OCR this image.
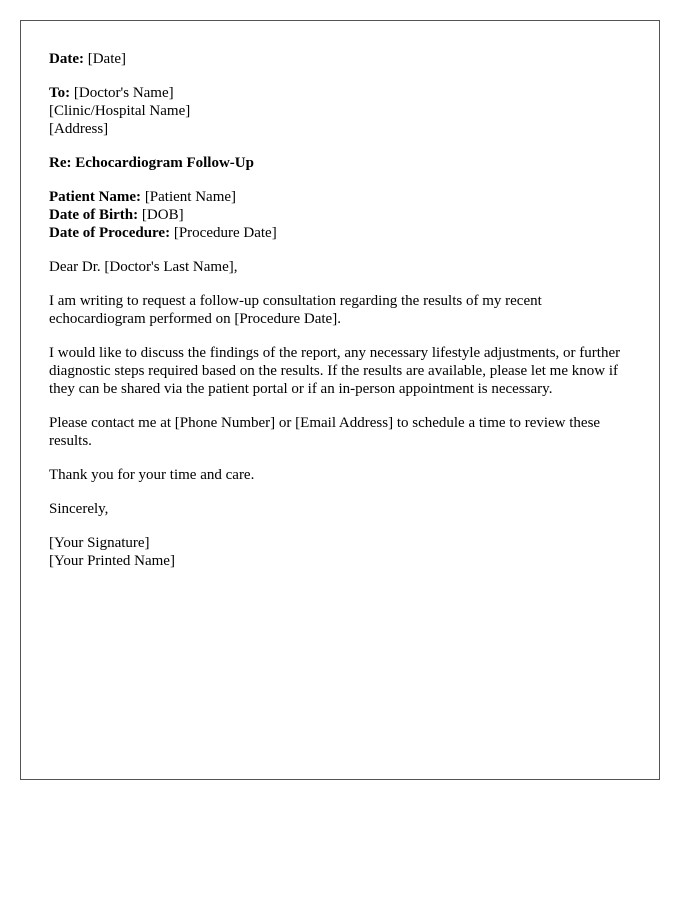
Date: [Date]
To: [Doctor's Name]
[Clinic/Hospital Name]
[Address]
Re: Echocardiogram Follow-Up
Patient Name: [Patient Name]
Date of Birth: [DOB]
Date of Procedure: [Procedure Date]

Dear Dr. [Doctor's Last Name],

I am writing to request a follow-up consultation regarding the results of my recent echocardiogram performed on [Procedure Date].

I would like to discuss the findings of the report, any necessary lifestyle adjustments, or further diagnostic steps required based on the results. If the results are available, please let me know if they can be shared via the patient portal or if an in-person appointment is necessary.

Please contact me at [Phone Number] or [Email Address] to schedule a time to review these results.

Thank you for your time and care.

Sincerely,

[Your Signature]
[Your Printed Name]
